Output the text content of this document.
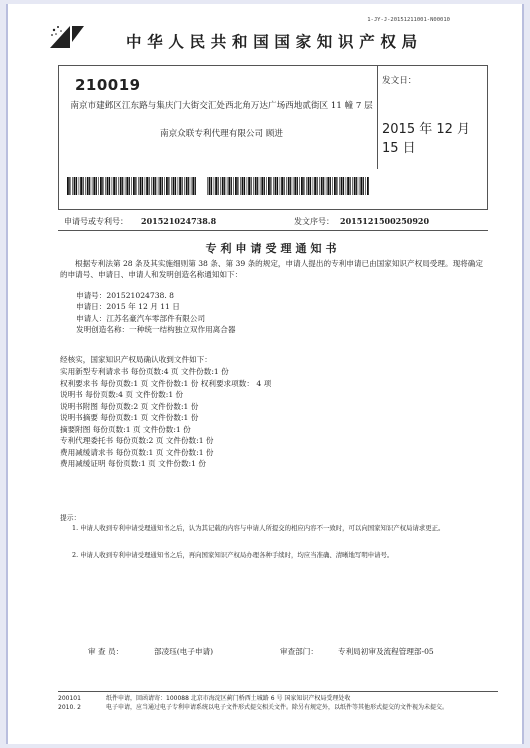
1-JY-J-20151211001-N00010
中华人民共和国国家知识产权局
210019
南京市建邺区江东路与集庆门大街交汇处西北角万达广场西地贰街区 11 幢 7 层
南京众联专利代理有限公司 顾进
发文日：
2015 年 12 月 15 日
申请号或专利号： 201521024738.8	发文序号： 2015121500250920
专利申请受理通知书
根据专利法第 28 条及其实施细则第 38 条、第 39 条的规定，申请人提出的专利申请已由国家知识产权局受理。现将确定的申请号、申请日、申请人和发明创造名称通知如下：
申请号：201521024738. 8
申请日：2015 年 12 月 11 日
申请人：江苏名豪汽车零部件有限公司
发明创造名称：一种统一结构独立双作用离合器
经核实，国家知识产权局确认收到文件如下：
实用新型专利请求书 每份页数:4 页 文件份数:1 份
权利要求书 每份页数:1 页 文件份数:1 份 权利要求项数： 4 项
说明书 每份页数:4 页 文件份数:1 份
说明书附图 每份页数:2 页 文件份数:1 份
说明书摘要 每份页数:1 页 文件份数:1 份
摘要附图 每份页数:1 页 文件份数:1 份
专利代理委托书 每份页数:2 页 文件份数:1 份
费用减缓请求书 每份页数:1 页 文件份数:1 份
费用减缓证明 每份页数:1 页 文件份数:1 份
提示：
1. 申请人收到专利申请受理通知书之后，认为其记载的内容与申请人所提交的相应内容不一致时，可以向国家知识产权局请求更正。
2. 申请人收到专利申请受理通知书之后，再向国家知识产权局办理各种手续时，均应当准确、清晰地写明申请号。
审 查 员：	部凌珏(电子申请)	审查部门：	专利局初审及流程管理部-05
200101	纸件申请，回函请寄：100088 北京市海淀区蓟门桥西土城路 6 号 国家知识产权局受理处收
2010. 2	电子申请，应当通过电子专利申请系统以电子文件形式提交相关文件。除另有规定外，以纸件等其他形式提交的文件视为未提交。
